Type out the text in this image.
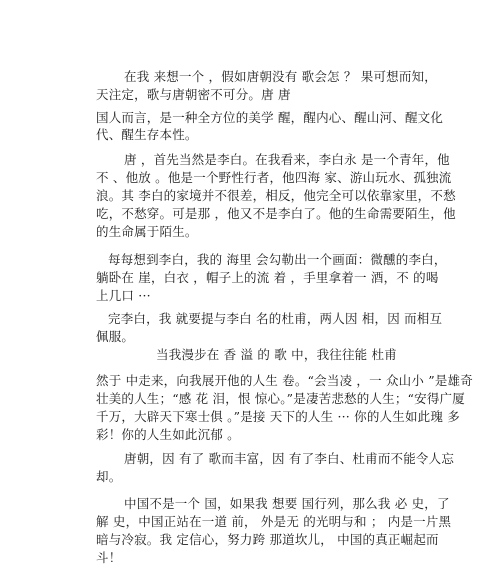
在我 来想一个 ，假如唐朝没有 歌会怎 ？ 果可想而知，
天注定，歌与唐朝密不可分。唐 唐
国人而言，是一种全方位的美学 醒，醒内心、醒山河、醒文化
代、醒生存本性。
唐 ，首先当然是李白。在我看来，李白永 是一个青年，他
不 、他放 。他是一个野性行者，他四海 家、游山玩水、孤独流
浪。其 李白的家境并不很差，相反，他完全可以依靠家里，不愁
吃，不愁穿。可是那 ，他又不是李白了。他的生命需要陌生，他
的生命属于陌生。
每每想到李白，我的 海里 会勾勒出一个画面：微醺的李白，
躺卧在 崖，白衣 ，帽子上的流 着 ，手里拿着一 酒，不 的喝
上几口 ···
完李白，我 就要提与李白 名的杜甫，两人因 相，因 而相互
佩服。
当我漫步在 香 溢 的 歌 中，我往往能 杜甫
然于 中走来，向我展开他的人生 卷。“会当凌 ，一 众山小 ”是雄奇
壮美的人生；“感 花 泪，恨 惊心。”是凄苦悲愁的人生；“安得广厦
千万，大辟天下寒士俱 。”是接 天下的人生 ··· 你的人生如此瑰 多
彩！你的人生如此沉郁 。
唐朝，因 有了 歌而丰富，因 有了李白、杜甫而不能令人忘
却。
中国不是一个 国，如果我 想要 国行列，那么我 必 史，了
解 史，中国正站在一道 前， 外是无 的光明与和 ； 内是一片黑
暗与冷寂。我 定信心，努力跨 那道坎儿， 中国的真正崛起而
斗！
